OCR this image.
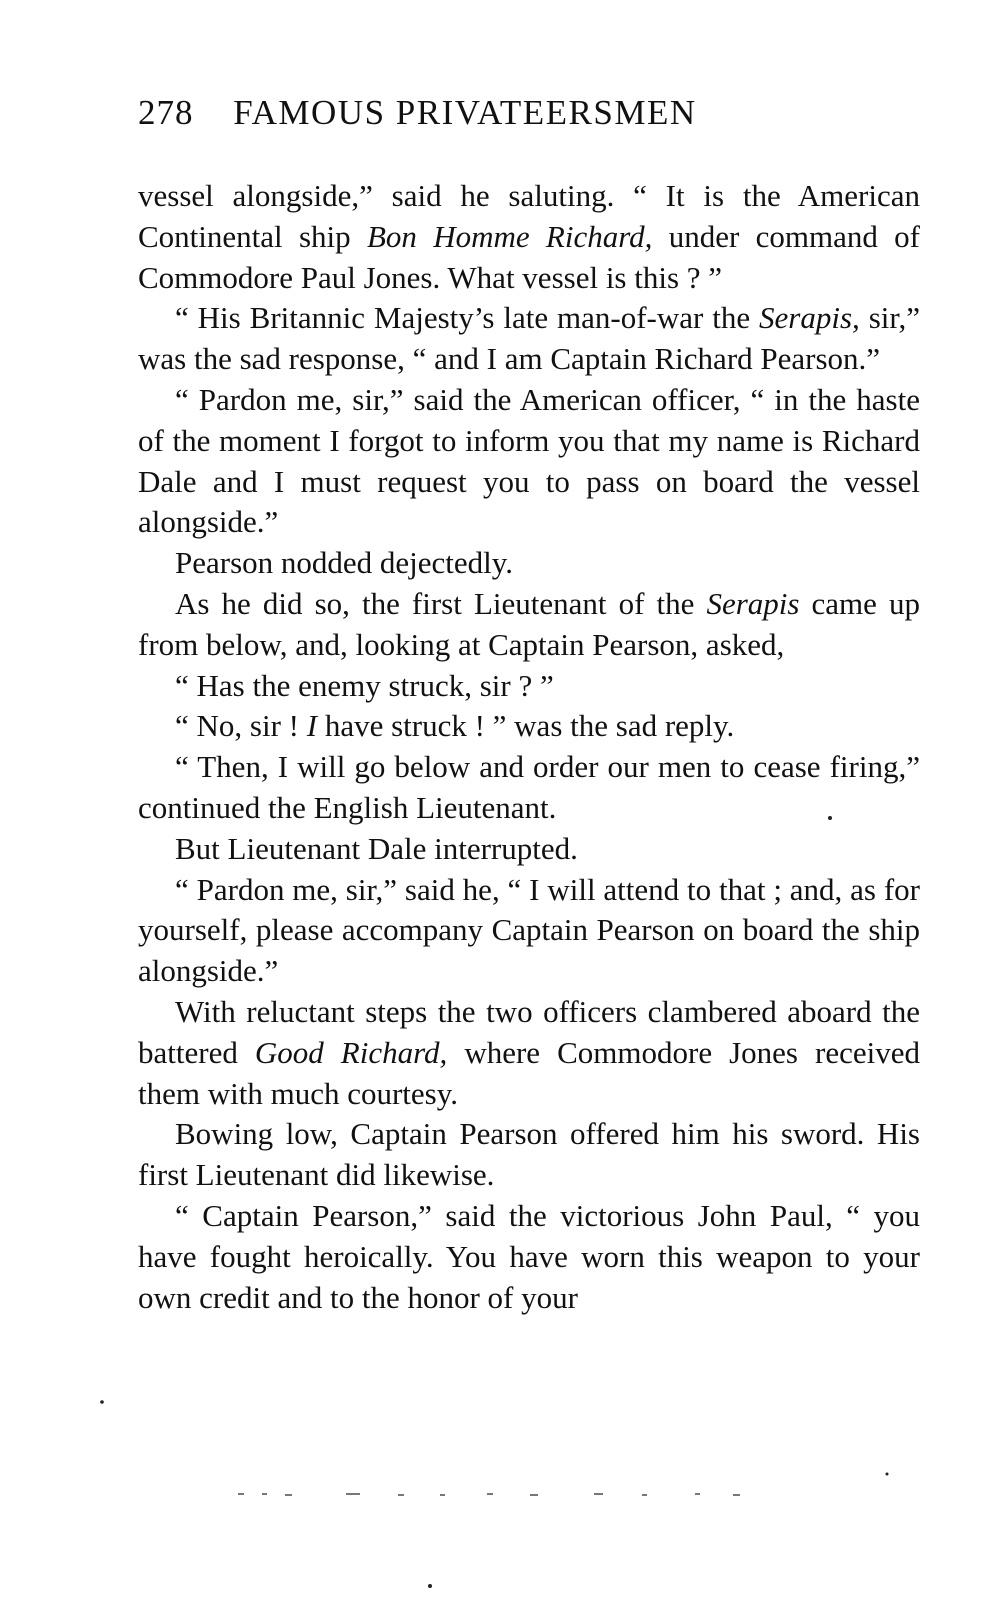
278 FAMOUS PRIVATEERSMEN

vessel alongside,” said he saluting. “ It is the American Continental ship Bon Homme Richard, under command of Commodore Paul Jones. What vessel is this ? ”

“ His Britannic Majesty’s late man-of-war the Serapis, sir,” was the sad response, “ and I am Captain Richard Pearson.”

“ Pardon me, sir,” said the American officer, “ in the haste of the moment I forgot to inform you that my name is Richard Dale and I must request you to pass on board the vessel alongside.”

Pearson nodded dejectedly.

As he did so, the first Lieutenant of the Serapis came up from below, and, looking at Captain Pearson, asked,

“ Has the enemy struck, sir ? ”

“ No, sir ! I have struck ! ” was the sad reply.

“ Then, I will go below and order our men to cease firing,” continued the English Lieutenant.

But Lieutenant Dale interrupted.

“ Pardon me, sir,” said he, “ I will attend to that ; and, as for yourself, please accompany Captain Pearson on board the ship alongside.”

With reluctant steps the two officers clambered aboard the battered Good Richard, where Commodore Jones received them with much courtesy.

Bowing low, Captain Pearson offered him his sword. His first Lieutenant did likewise.

“ Captain Pearson,” said the victorious John Paul, “ you have fought heroically. You have worn this weapon to your own credit and to the honor of your
